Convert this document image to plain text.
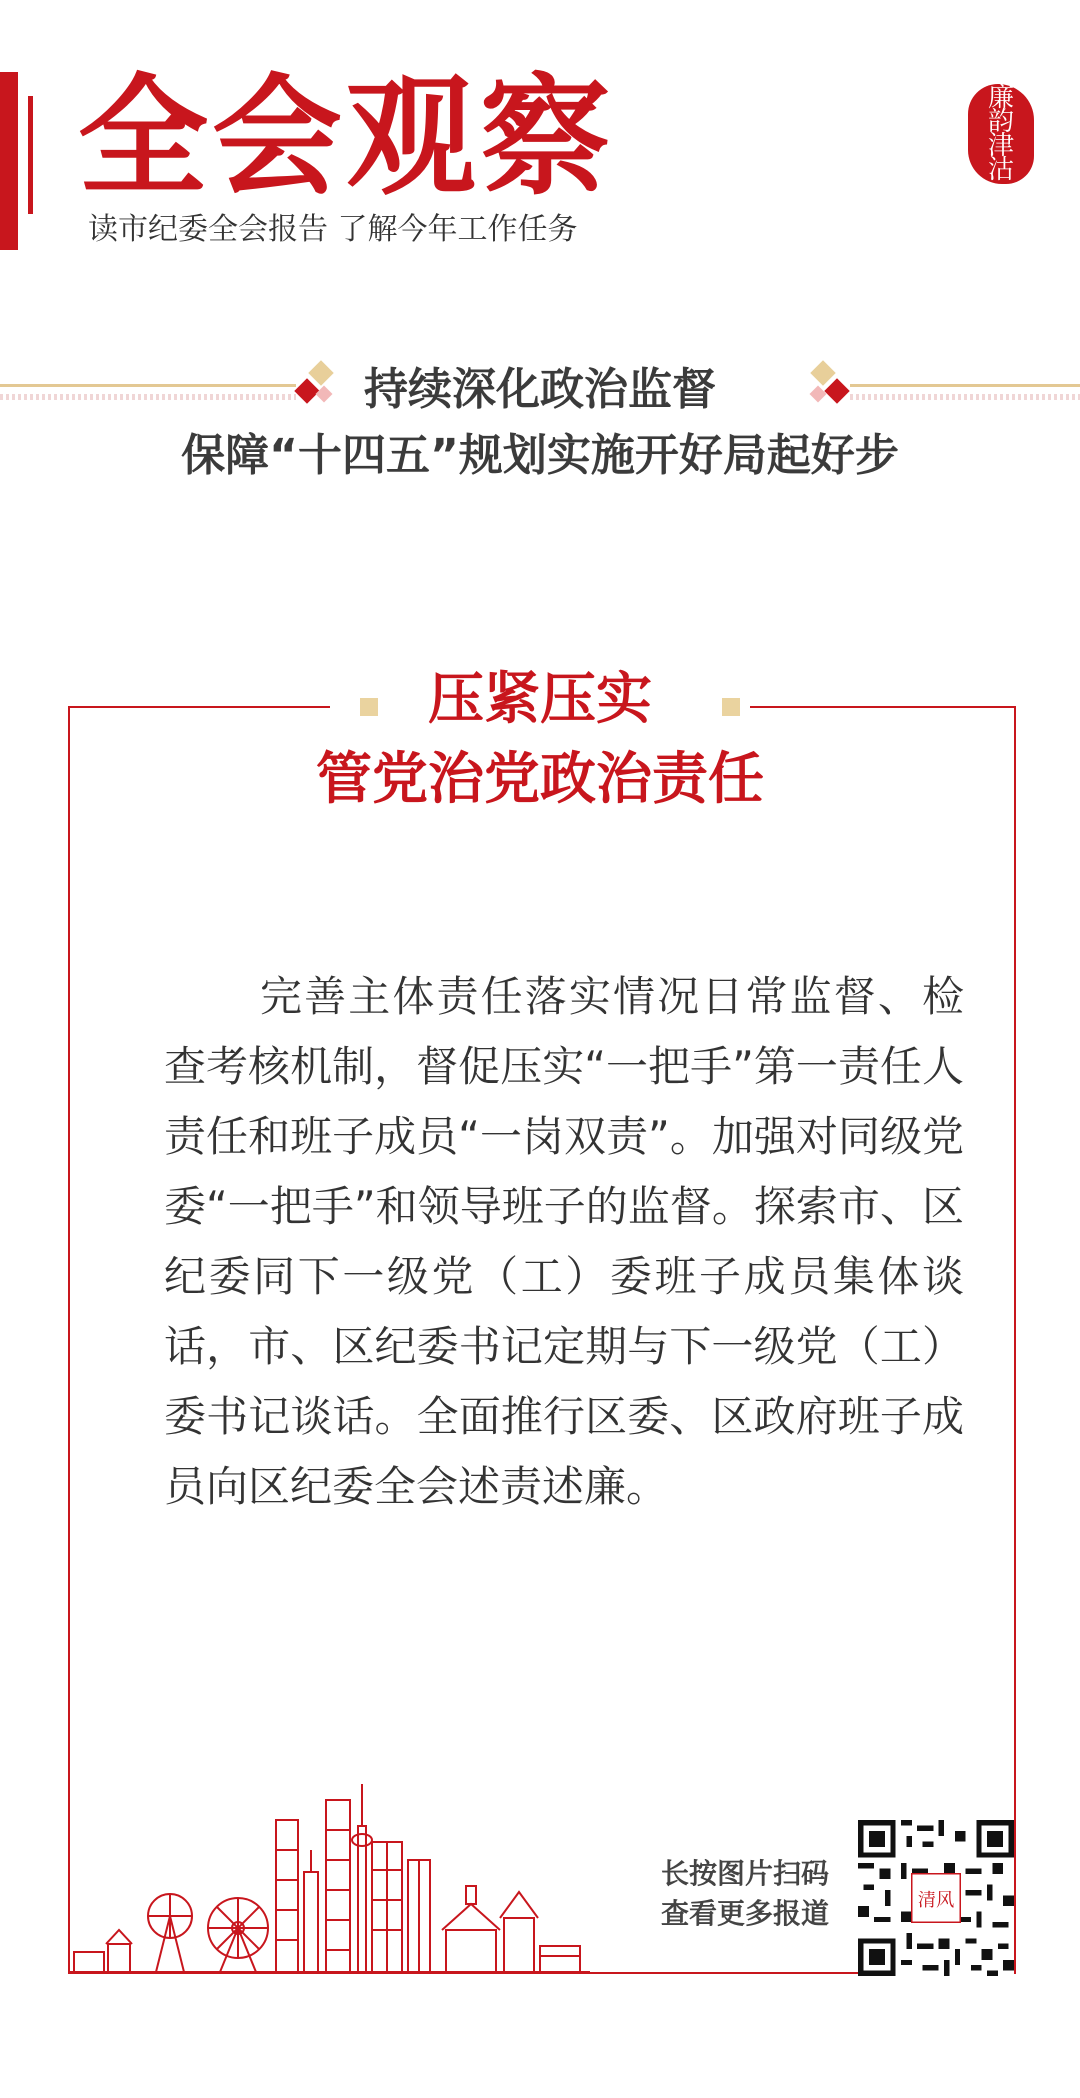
全会观察
读市纪委全会报告 了解今年工作任务
廉
韵
津
沽
持续深化政治监督
保障“十四五”规划实施开好局起好步
压紧压实
管党治党政治责任

完善主体责任落实情况日常监督、检查考核机制，督促压实“一把手”第一责任人责任和班子成员“一岗双责”。加强对同级党委“一把手”和领导班子的监督。探索市、区纪委同下一级党（工）委班子成员集体谈话，市、区纪委书记定期与下一级党（工）委书记谈话。全面推行区委、区政府班子成员向区纪委全会述责述廉。

长按图片扫码
查看更多报道	清风
